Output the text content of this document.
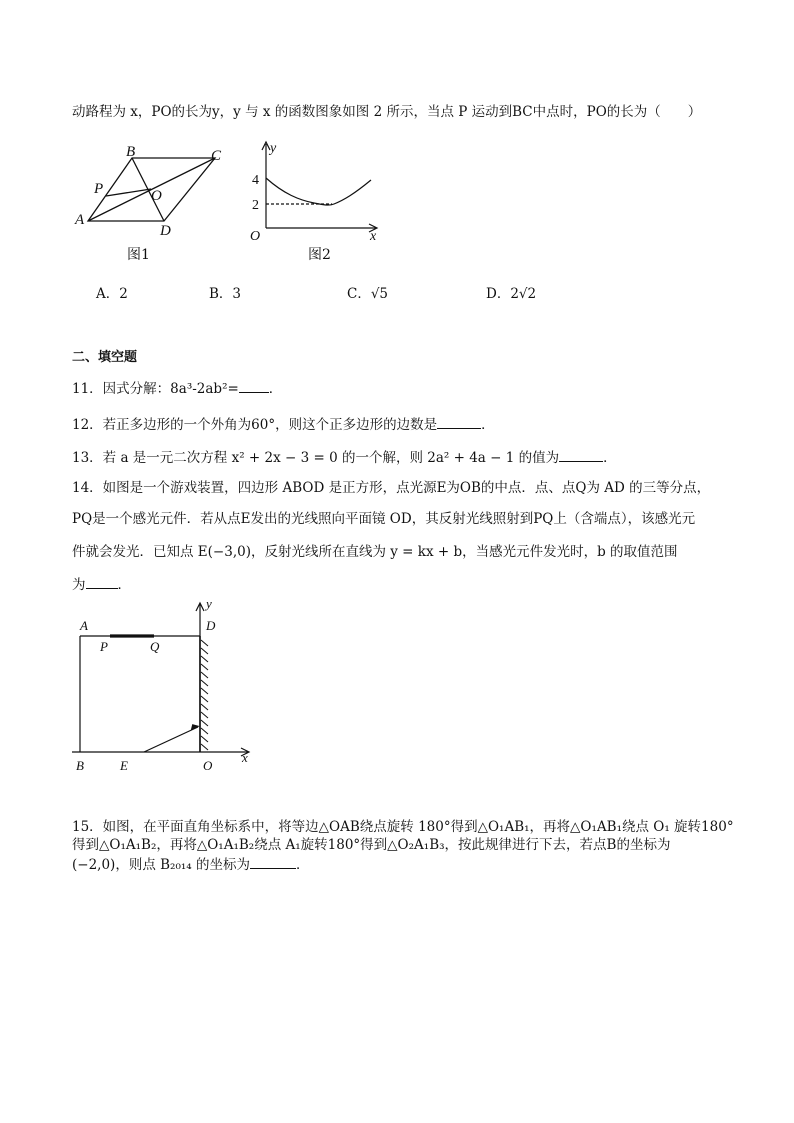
动路程为 x，PO的长为y，y 与 x 的函数图象如图 2 所示，当点 P 运动到BC中点时，PO的长为（　　）
B	C
A
D
P	O
图1
y
x
O
4
2
图2
A．2	B．3	C．√5	D．2√2
二、填空题
11．因式分解：8a³-2ab²= ．
12．若正多边形的一个外角为60°，则这个正多边形的边数是	．
13．若 a 是一元二次方程 x² + 2x − 3 = 0 的一个解，则 2a² + 4a − 1 的值为	．
14．如图是一个游戏装置，四边形 ABOD 是正方形，点光源E为OB的中点．点、点Q为 AD 的三等分点，
PQ是一个感光元件．若从点E发出的光线照向平面镜 OD，其反射光线照射到PQ上（含端点），该感光元
件就会发光．已知点 E(−3,0)，反射光线所在直线为 y = kx + b，当感光元件发光时，b 的取值范围
为 ．
A	D
y
P	Q
B	E	O
x
15．如图，在平面直角坐标系中，将等边△OAB绕点旋转 180°得到△O₁AB₁，再将△O₁AB₁绕点 O₁ 旋转180°
(−2,0)，则点 B₂₀₁₄ 的坐标为	．
得到△O₁A₁B₂，再将△O₁A₁B₂绕点 A₁旋转180°得到△O₂A₁B₃，按此规律进行下去，若点B的坐标为
